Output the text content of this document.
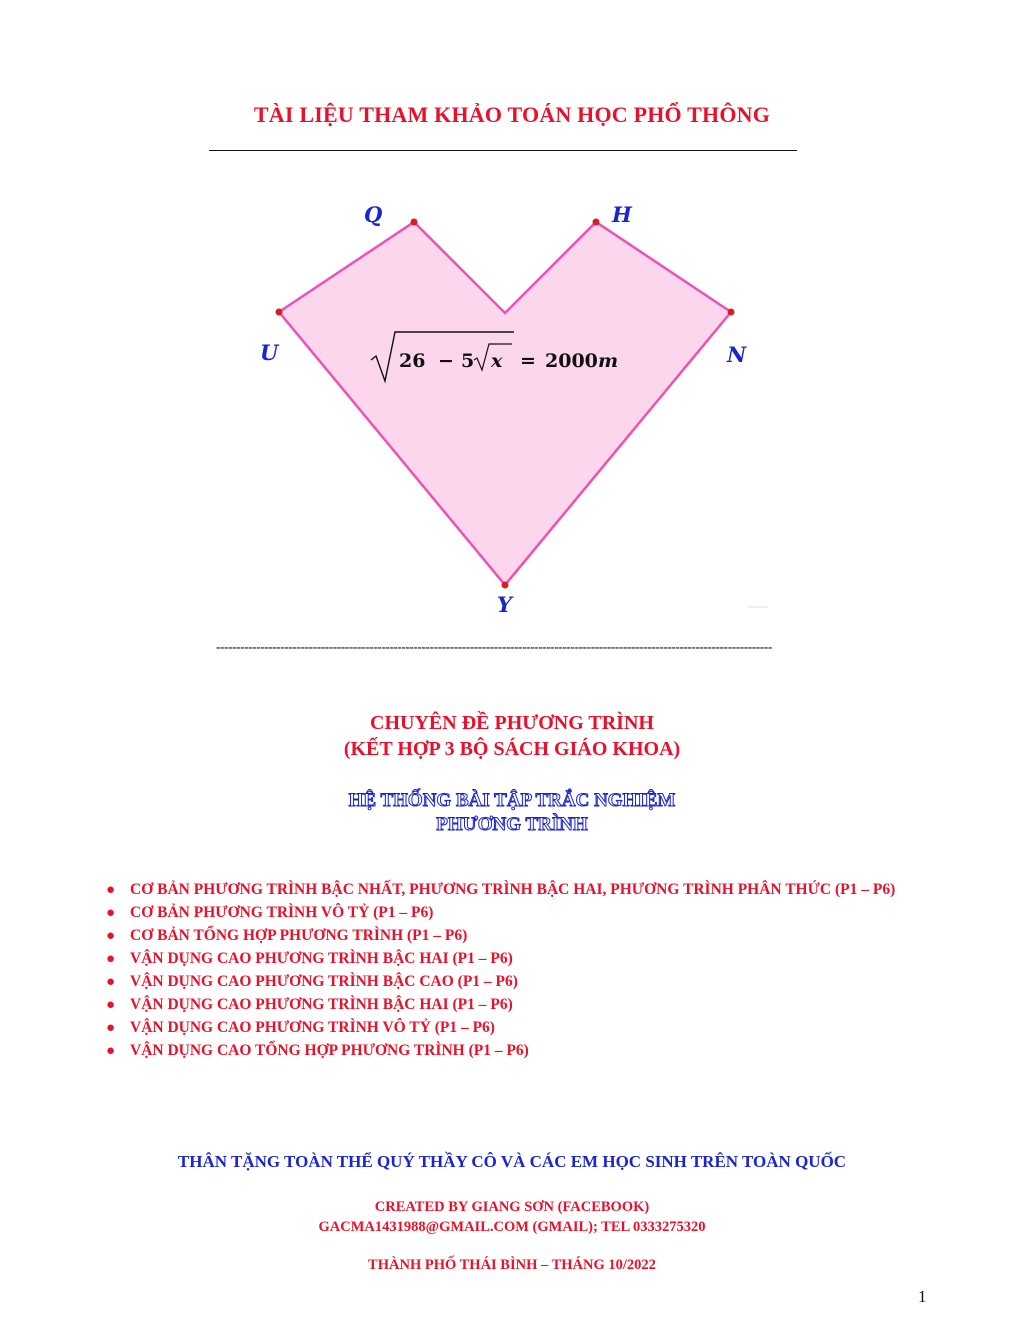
TÀI LIỆU THAM KHẢO TOÁN HỌC PHỔ THÔNG
Q	H
U	N
Y
26 − 5 x = 2000 m
------------------------------------------------------------------------------------------------------------------------------------------
CHUYÊN ĐỀ PHƯƠNG TRÌNH
(KẾT HỢP 3 BỘ SÁCH GIÁO KHOA)
HỆ THỐNG BÀI TẬP TRẮC NGHIỆM
PHƯƠNG TRÌNH
● CƠ BẢN PHƯƠNG TRÌNH BẬC NHẤT, PHƯƠNG TRÌNH BẬC HAI, PHƯƠNG TRÌNH PHÂN THỨC (P1 – P6)
● CƠ BẢN PHƯƠNG TRÌNH VÔ TỶ (P1 – P6)
● CƠ BẢN TỔNG HỢP PHƯƠNG TRÌNH (P1 – P6)
● VẬN DỤNG CAO PHƯƠNG TRÌNH BẬC HAI (P1 – P6)
● VẬN DỤNG CAO PHƯƠNG TRÌNH BẬC CAO (P1 – P6)
● VẬN DỤNG CAO PHƯƠNG TRÌNH BẬC HAI (P1 – P6)
● VẬN DỤNG CAO PHƯƠNG TRÌNH VÔ TỶ (P1 – P6)
● VẬN DỤNG CAO TỔNG HỢP PHƯƠNG TRÌNH (P1 – P6)
THÂN TẶNG TOÀN THỂ QUÝ THẦY CÔ VÀ CÁC EM HỌC SINH TRÊN TOÀN QUỐC
CREATED BY GIANG SƠN (FACEBOOK)
GACMA1431988@GMAIL.COM (GMAIL); TEL 0333275320
THÀNH PHỐ THÁI BÌNH – THÁNG 10/2022
1
